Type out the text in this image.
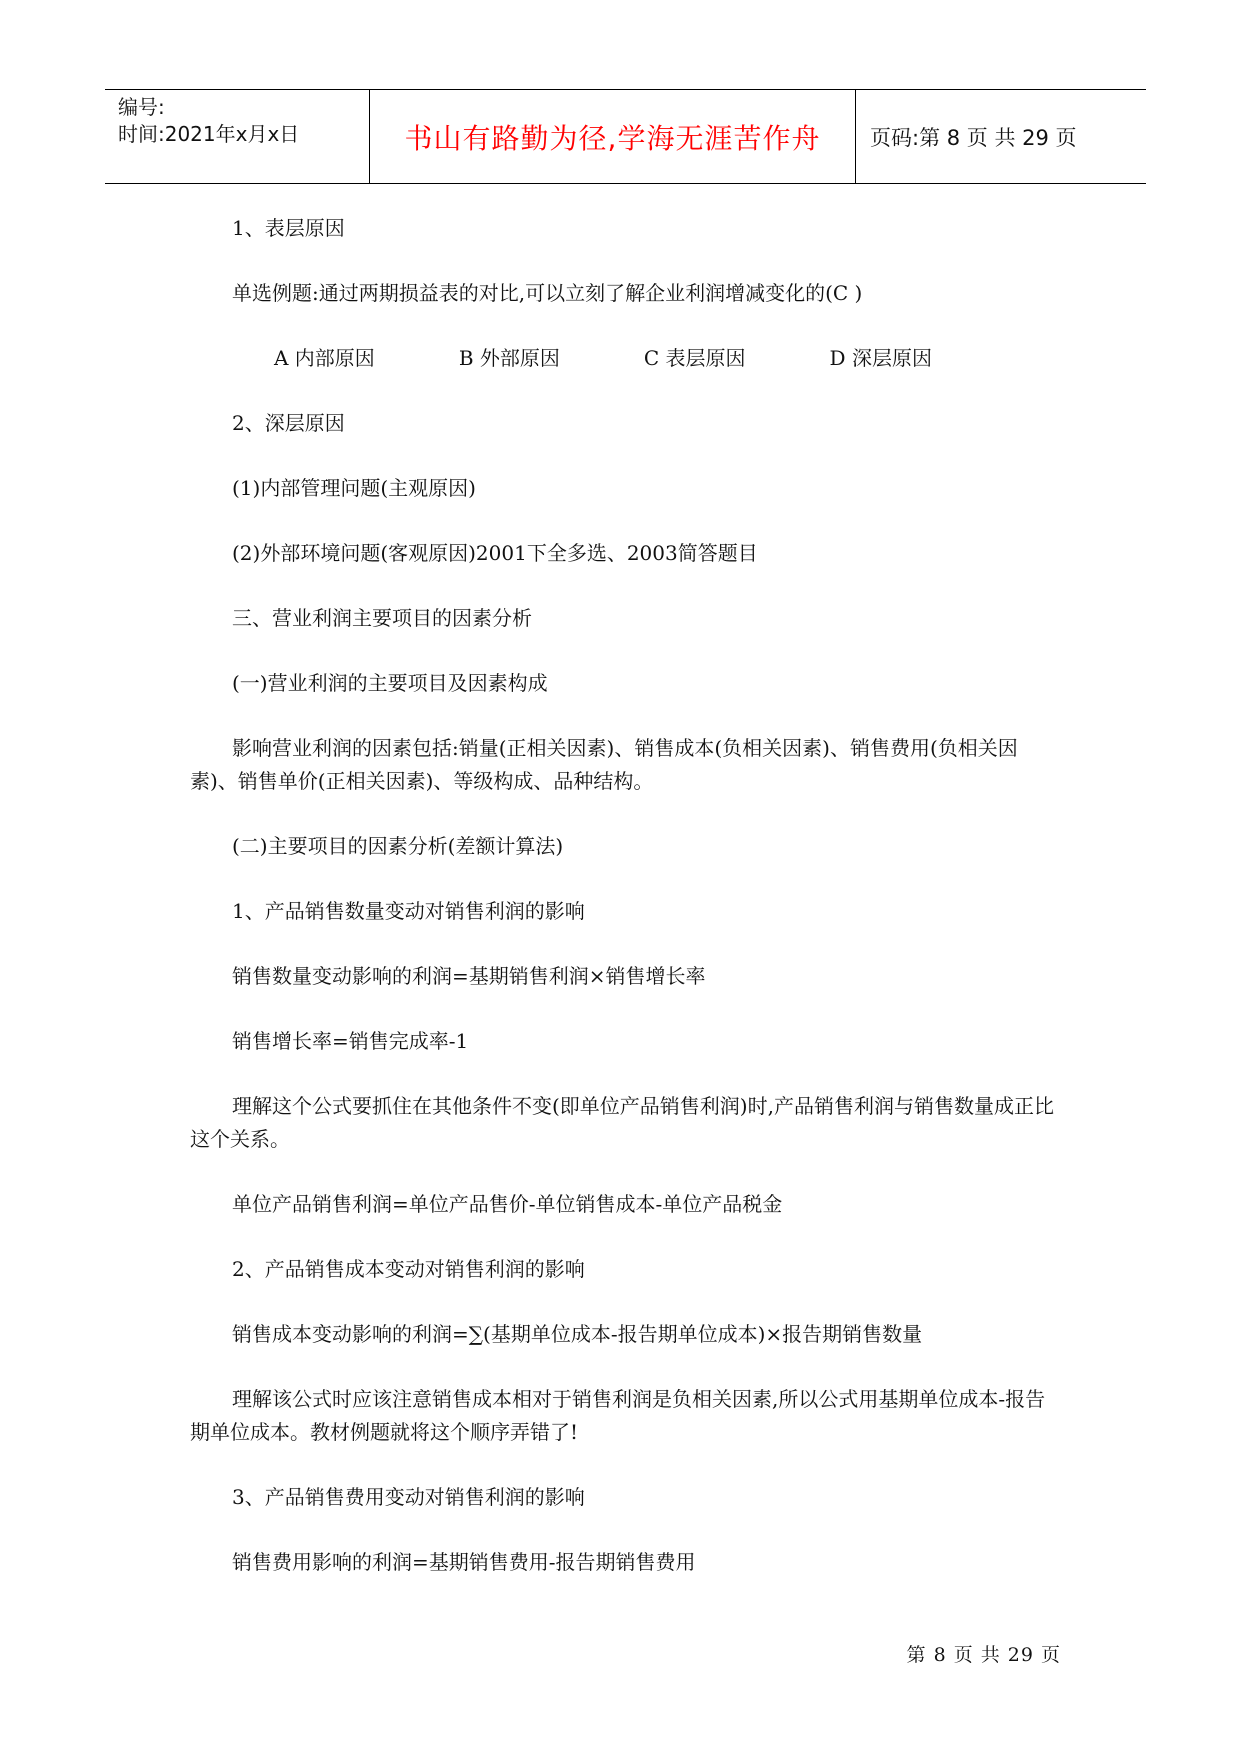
编号:
时间:2021年x月x日	书山有路勤为径,学海无涯苦作舟	页码:第 8 页 共 29 页

1、表层原因

单选例题:通过两期损益表的对比,可以立刻了解企业利润增减变化的(C )

A 内部原因	B 外部原因	C 表层原因	D 深层原因

2、深层原因

(1)内部管理问题(主观原因)

(2)外部环境问题(客观原因)2001下全多选、2003简答题目

三、营业利润主要项目的因素分析

(一)营业利润的主要项目及因素构成

影响营业利润的因素包括:销量(正相关因素)、销售成本(负相关因素)、销售费用(负相关因素)、销售单价(正相关因素)、等级构成、品种结构。

(二)主要项目的因素分析(差额计算法)

1、产品销售数量变动对销售利润的影响

销售数量变动影响的利润=基期销售利润×销售增长率

销售增长率=销售完成率-1

理解这个公式要抓住在其他条件不变(即单位产品销售利润)时,产品销售利润与销售数量成正比这个关系。

单位产品销售利润=单位产品售价-单位销售成本-单位产品税金

2、产品销售成本变动对销售利润的影响

销售成本变动影响的利润=∑(基期单位成本-报告期单位成本)×报告期销售数量

理解该公式时应该注意销售成本相对于销售利润是负相关因素,所以公式用基期单位成本-报告期单位成本。教材例题就将这个顺序弄错了!

3、产品销售费用变动对销售利润的影响

销售费用影响的利润=基期销售费用-报告期销售费用

第 8 页 共 29 页
